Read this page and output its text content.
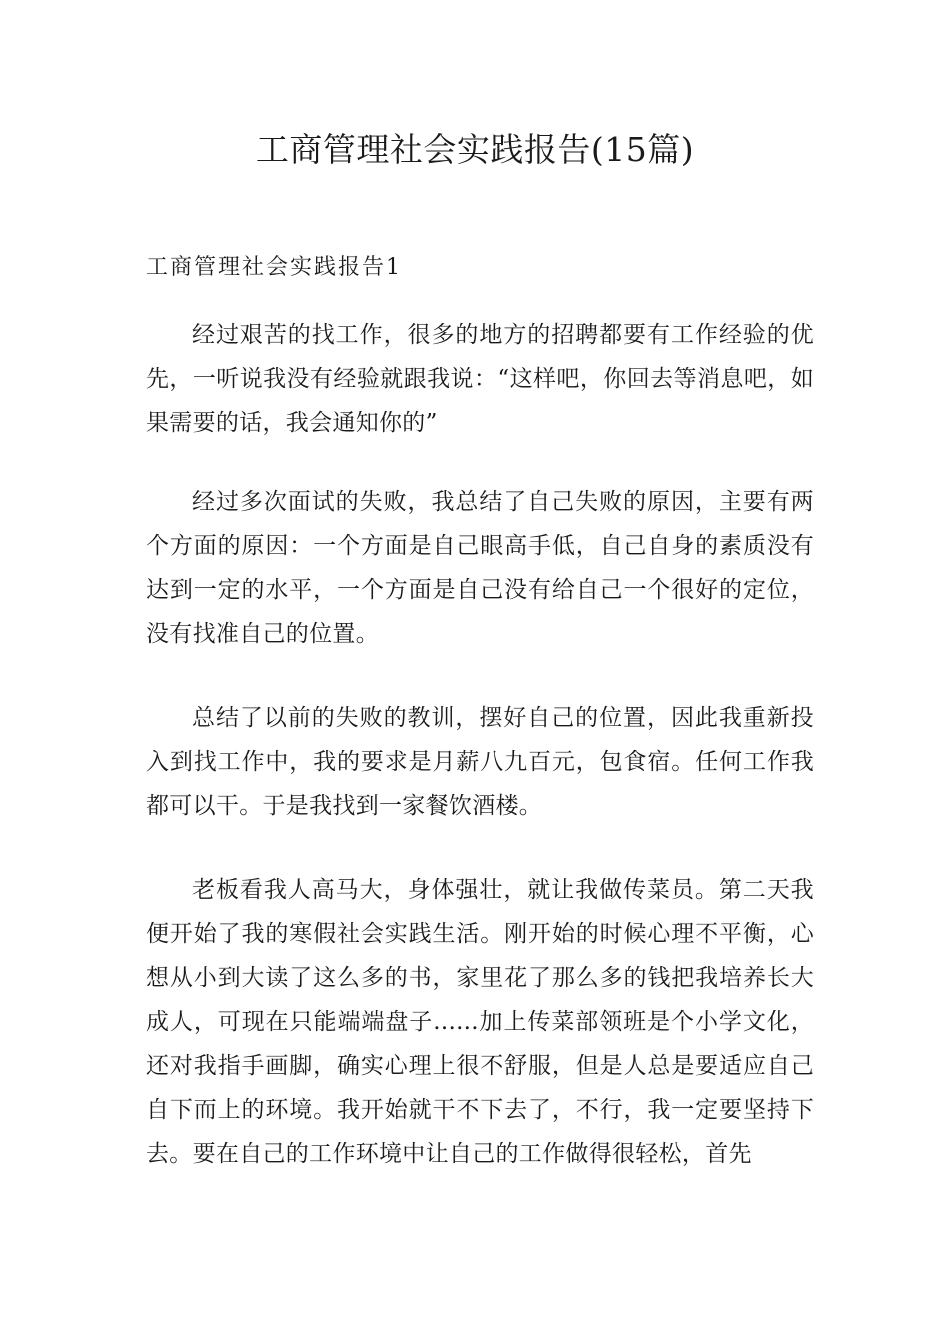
工商管理社会实践报告(15篇)
工商管理社会实践报告1

经过艰苦的找工作，很多的地方的招聘都要有工作经验的优先，一听说我没有经验就跟我说：“这样吧，你回去等消息吧，如果需要的话，我会通知你的”

经过多次面试的失败，我总结了自己失败的原因，主要有两个方面的原因：一个方面是自己眼高手低，自己自身的素质没有达到一定的水平，一个方面是自己没有给自己一个很好的定位，没有找准自己的位置。

总结了以前的失败的教训，摆好自己的位置，因此我重新投入到找工作中，我的要求是月薪八九百元，包食宿。任何工作我都可以干。于是我找到一家餐饮酒楼。

老板看我人高马大，身体强壮，就让我做传菜员。第二天我便开始了我的寒假社会实践生活。刚开始的时候心理不平衡，心想从小到大读了这么多的书，家里花了那么多的钱把我培养长大成人，可现在只能端端盘子......加上传菜部领班是个小学文化，还对我指手画脚，确实心理上很不舒服，但是人总是要适应自己自下而上的环境。我开始就干不下去了，不行，我一定要坚持下去。要在自己的工作环境中让自己的工作做得很轻松，首先
